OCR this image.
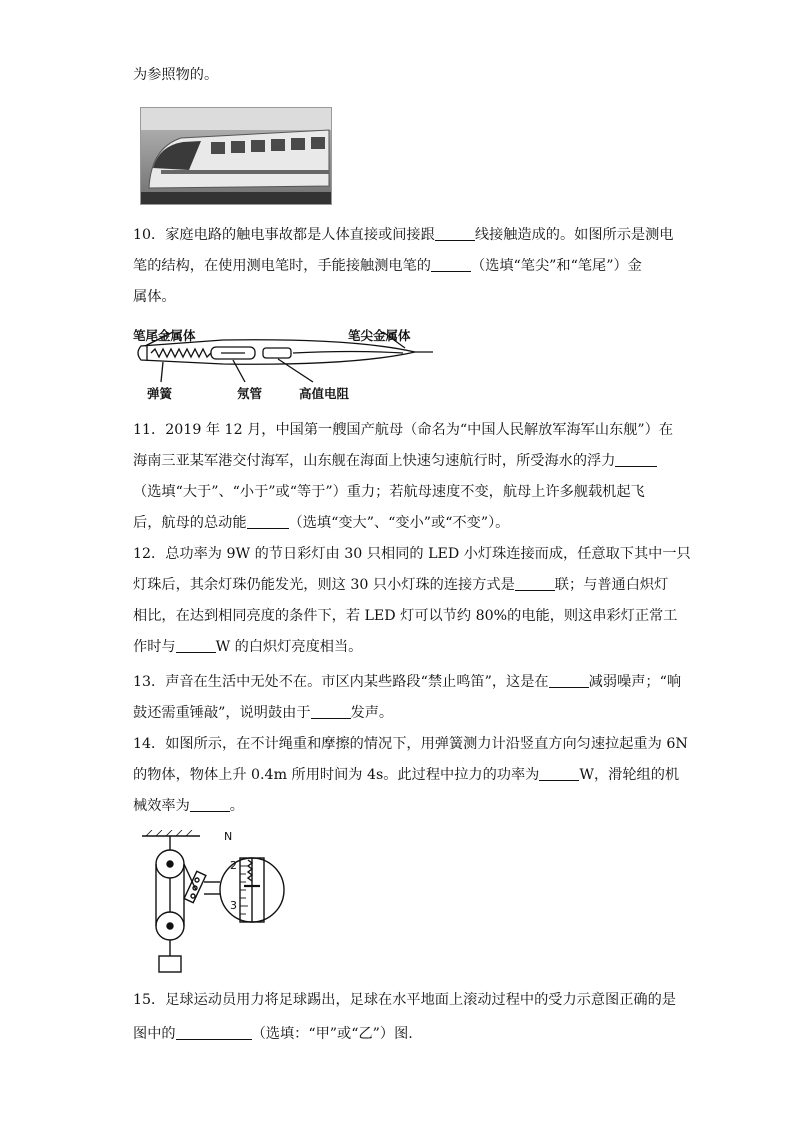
为参照物的。
10．家庭电路的触电事故都是人体直接或间接跟	线接触造成的。如图所示是测电
笔的结构，在使用测电笔时，手能接触测电笔的	（选填“笔尖”和“笔尾”）金
属体。
笔尾金属体	笔尖金属体
弹簧	氖管	高值电阻
11．2019 年 12 月，中国第一艘国产航母（命名为“中国人民解放军海军山东舰”）在
海南三亚某军港交付海军，山东舰在海面上快速匀速航行时，所受海水的浮力
（选填“大于”、“小于”或“等于”）重力；若航母速度不变，航母上许多舰载机起飞
后，航母的总动能	（选填“变大”、“变小”或“不变”）。
12．总功率为 9W 的节日彩灯由 30 只相同的 LED 小灯珠连接而成，任意取下其中一只
灯珠后，其余灯珠仍能发光，则这 30 只小灯珠的连接方式是	联；与普通白炽灯
相比，在达到相同亮度的条件下，若 LED 灯可以节约 80%的电能，则这串彩灯正常工
作时与	W 的白炽灯亮度相当。
13．声音在生活中无处不在。市区内某些路段“禁止鸣笛”，这是在	减弱噪声；“响
鼓还需重锤敲”，说明鼓由于	发声。
14．如图所示，在不计绳重和摩擦的情况下，用弹簧测力计沿竖直方向匀速拉起重为 6N
的物体，物体上升 0.4m 所用时间为 4s。此过程中拉力的功率为	W，滑轮组的机
械效率为	。
N
2
3
15．足球运动员用力将足球踢出，足球在水平地面上滚动过程中的受力示意图正确的是
图中的	（选填：“甲”或“乙”）图.
